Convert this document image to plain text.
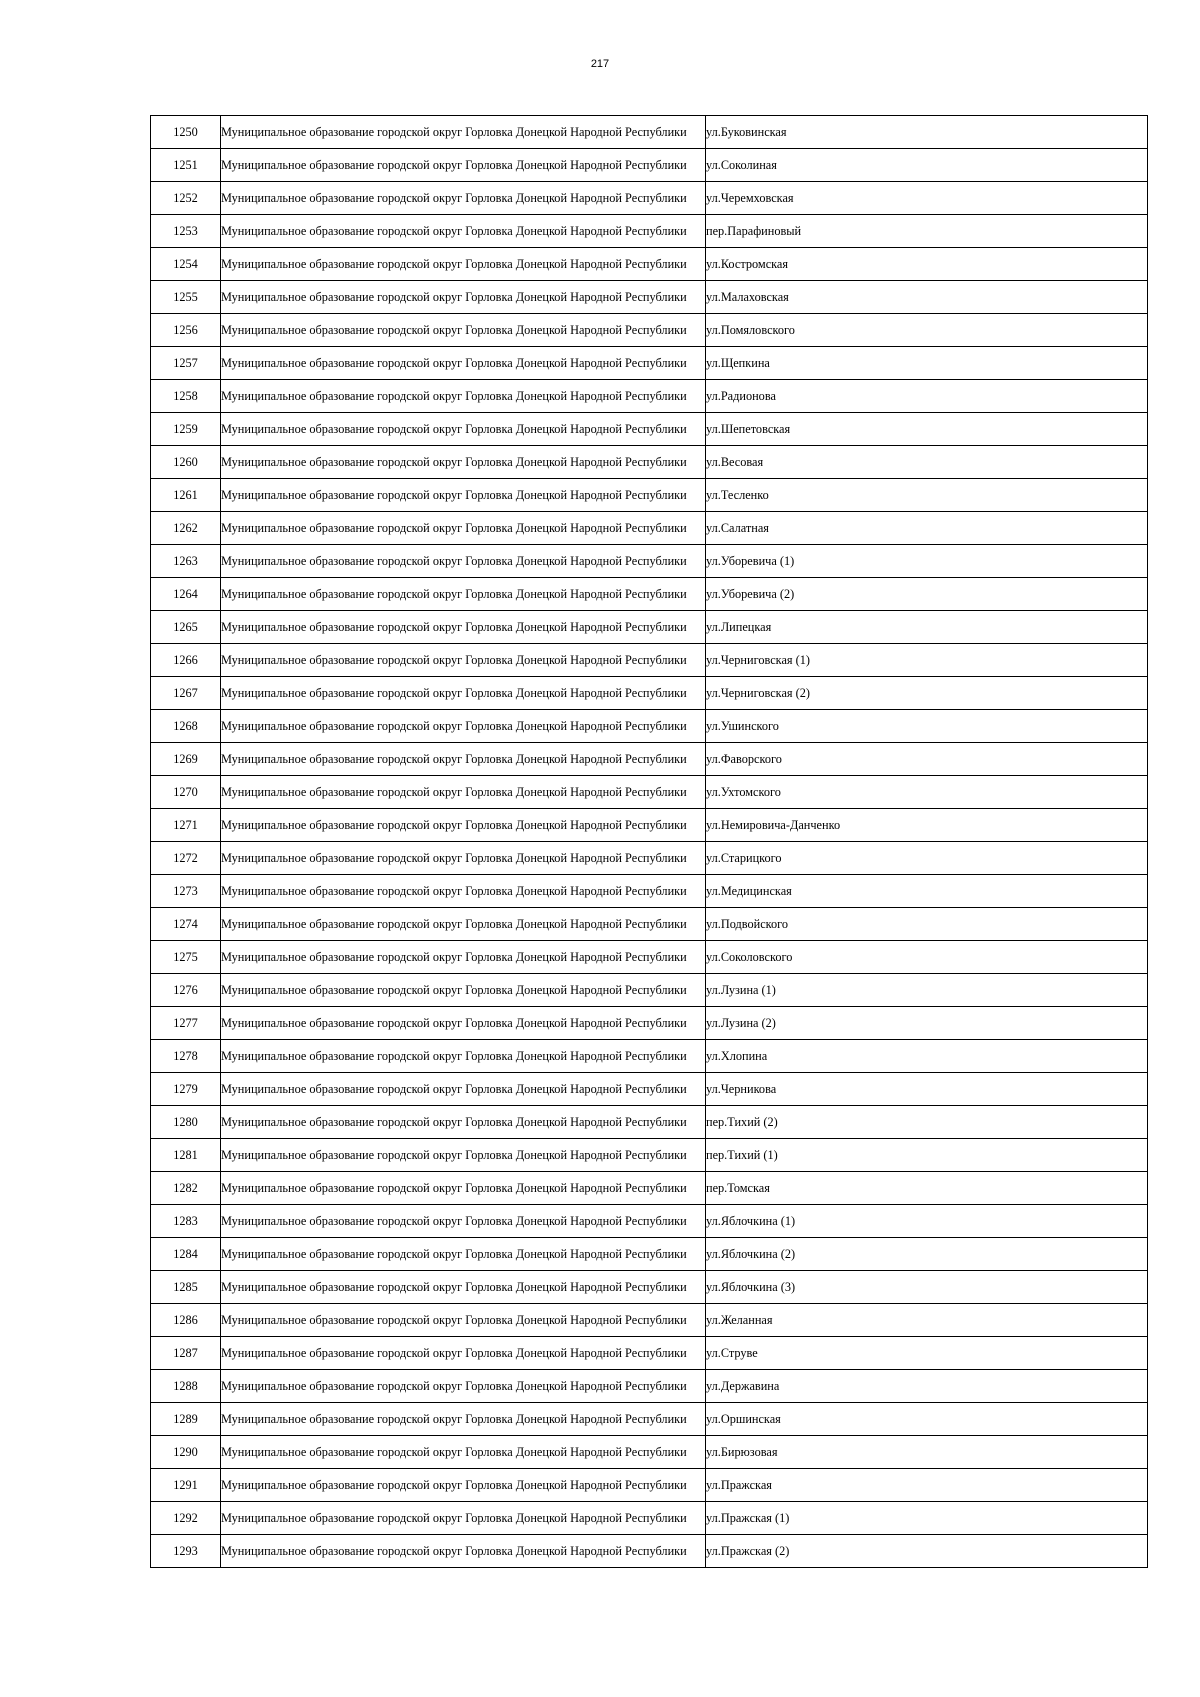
217
1250	Муниципальное образование городской округ Горловка Донецкой Народной Республики	ул.Буковинская
1251	Муниципальное образование городской округ Горловка Донецкой Народной Республики	ул.Соколиная
1252	Муниципальное образование городской округ Горловка Донецкой Народной Республики	ул.Черемховская
1253	Муниципальное образование городской округ Горловка Донецкой Народной Республики	пер.Парафиновый
1254	Муниципальное образование городской округ Горловка Донецкой Народной Республики	ул.Костромская
1255	Муниципальное образование городской округ Горловка Донецкой Народной Республики	ул.Малаховская
1256	Муниципальное образование городской округ Горловка Донецкой Народной Республики	ул.Помяловского
1257	Муниципальное образование городской округ Горловка Донецкой Народной Республики	ул.Щепкина
1258	Муниципальное образование городской округ Горловка Донецкой Народной Республики	ул.Радионова
1259	Муниципальное образование городской округ Горловка Донецкой Народной Республики	ул.Шепетовская
1260	Муниципальное образование городской округ Горловка Донецкой Народной Республики	ул.Весовая
1261	Муниципальное образование городской округ Горловка Донецкой Народной Республики	ул.Тесленко
1262	Муниципальное образование городской округ Горловка Донецкой Народной Республики	ул.Салатная
1263	Муниципальное образование городской округ Горловка Донецкой Народной Республики	ул.Уборевича (1)
1264	Муниципальное образование городской округ Горловка Донецкой Народной Республики	ул.Уборевича (2)
1265	Муниципальное образование городской округ Горловка Донецкой Народной Республики	ул.Липецкая
1266	Муниципальное образование городской округ Горловка Донецкой Народной Республики	ул.Черниговская (1)
1267	Муниципальное образование городской округ Горловка Донецкой Народной Республики	ул.Черниговская (2)
1268	Муниципальное образование городской округ Горловка Донецкой Народной Республики	ул.Ушинского
1269	Муниципальное образование городской округ Горловка Донецкой Народной Республики	ул.Фаворского
1270	Муниципальное образование городской округ Горловка Донецкой Народной Республики	ул.Ухтомского
1271	Муниципальное образование городской округ Горловка Донецкой Народной Республики	ул.Немировича-Данченко
1272	Муниципальное образование городской округ Горловка Донецкой Народной Республики	ул.Старицкого
1273	Муниципальное образование городской округ Горловка Донецкой Народной Республики	ул.Медицинская
1274	Муниципальное образование городской округ Горловка Донецкой Народной Республики	ул.Подвойского
1275	Муниципальное образование городской округ Горловка Донецкой Народной Республики	ул.Соколовского
1276	Муниципальное образование городской округ Горловка Донецкой Народной Республики	ул.Лузина (1)
1277	Муниципальное образование городской округ Горловка Донецкой Народной Республики	ул.Лузина (2)
1278	Муниципальное образование городской округ Горловка Донецкой Народной Республики	ул.Хлопина
1279	Муниципальное образование городской округ Горловка Донецкой Народной Республики	ул.Черникова
1280	Муниципальное образование городской округ Горловка Донецкой Народной Республики	пер.Тихий (2)
1281	Муниципальное образование городской округ Горловка Донецкой Народной Республики	пер.Тихий (1)
1282	Муниципальное образование городской округ Горловка Донецкой Народной Республики	пер.Томская
1283	Муниципальное образование городской округ Горловка Донецкой Народной Республики	ул.Яблочкина (1)
1284	Муниципальное образование городской округ Горловка Донецкой Народной Республики	ул.Яблочкина (2)
1285	Муниципальное образование городской округ Горловка Донецкой Народной Республики	ул.Яблочкина (3)
1286	Муниципальное образование городской округ Горловка Донецкой Народной Республики	ул.Желанная
1287	Муниципальное образование городской округ Горловка Донецкой Народной Республики	ул.Струве
1288	Муниципальное образование городской округ Горловка Донецкой Народной Республики	ул.Державина
1289	Муниципальное образование городской округ Горловка Донецкой Народной Республики	ул.Оршинская
1290	Муниципальное образование городской округ Горловка Донецкой Народной Республики	ул.Бирюзовая
1291	Муниципальное образование городской округ Горловка Донецкой Народной Республики	ул.Пражская
1292	Муниципальное образование городской округ Горловка Донецкой Народной Республики	ул.Пражская (1)
1293	Муниципальное образование городской округ Горловка Донецкой Народной Республики	ул.Пражская (2)
